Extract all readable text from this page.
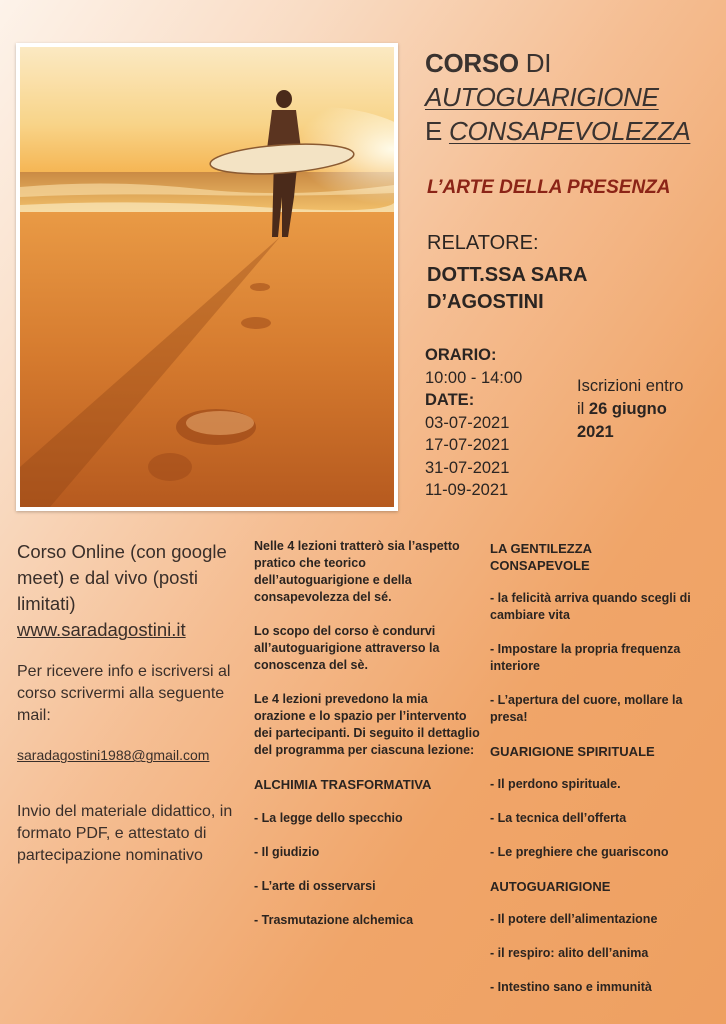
CORSO DI
AUTOGUARIGIONE
E CONSAPEVOLEZZA
L’ARTE DELLA PRESENZA
RELATORE:
DOTT.SSA SARA
D’AGOSTINI
ORARIO:
10:00 - 14:00
DATE:
03-07-2021
17-07-2021
31-07-2021
11-09-2021
Iscrizioni entro
il 26 giugno
2021
Corso Online (con google meet) e dal vivo (posti limitati)
www.saradagostini.it
Per ricevere info e iscriversi al corso scrivermi alla seguente mail:
saradagostini1988@gmail.com
Invio del materiale didattico, in formato PDF, e attestato di partecipazione nominativo

Nelle 4 lezioni tratterò sia l’aspetto pratico che teorico dell’autoguarigione e della consapevolezza del sé.

Lo scopo del corso è condurvi all’autoguarigione attraverso la conoscenza del sè.

Le 4 lezioni prevedono la mia orazione e lo spazio per l’intervento dei partecipanti. Di seguito il dettaglio del programma per ciascuna lezione:

ALCHIMIA TRASFORMATIVA
- La legge dello specchio
- Il giudizio
- L’arte di osservarsi
- Trasmutazione alchemica
LA GENTILEZZA
CONSAPEVOLE
- la felicità arriva quando scegli di cambiare vita
- Impostare la propria frequenza interiore
- L’apertura del cuore, mollare la presa!
GUARIGIONE SPIRITUALE
- Il perdono spirituale.
- La tecnica dell’offerta
- Le preghiere che guariscono
AUTOGUARIGIONE
- Il potere dell’alimentazione
- il respiro: alito dell’anima
- Intestino sano e immunità
